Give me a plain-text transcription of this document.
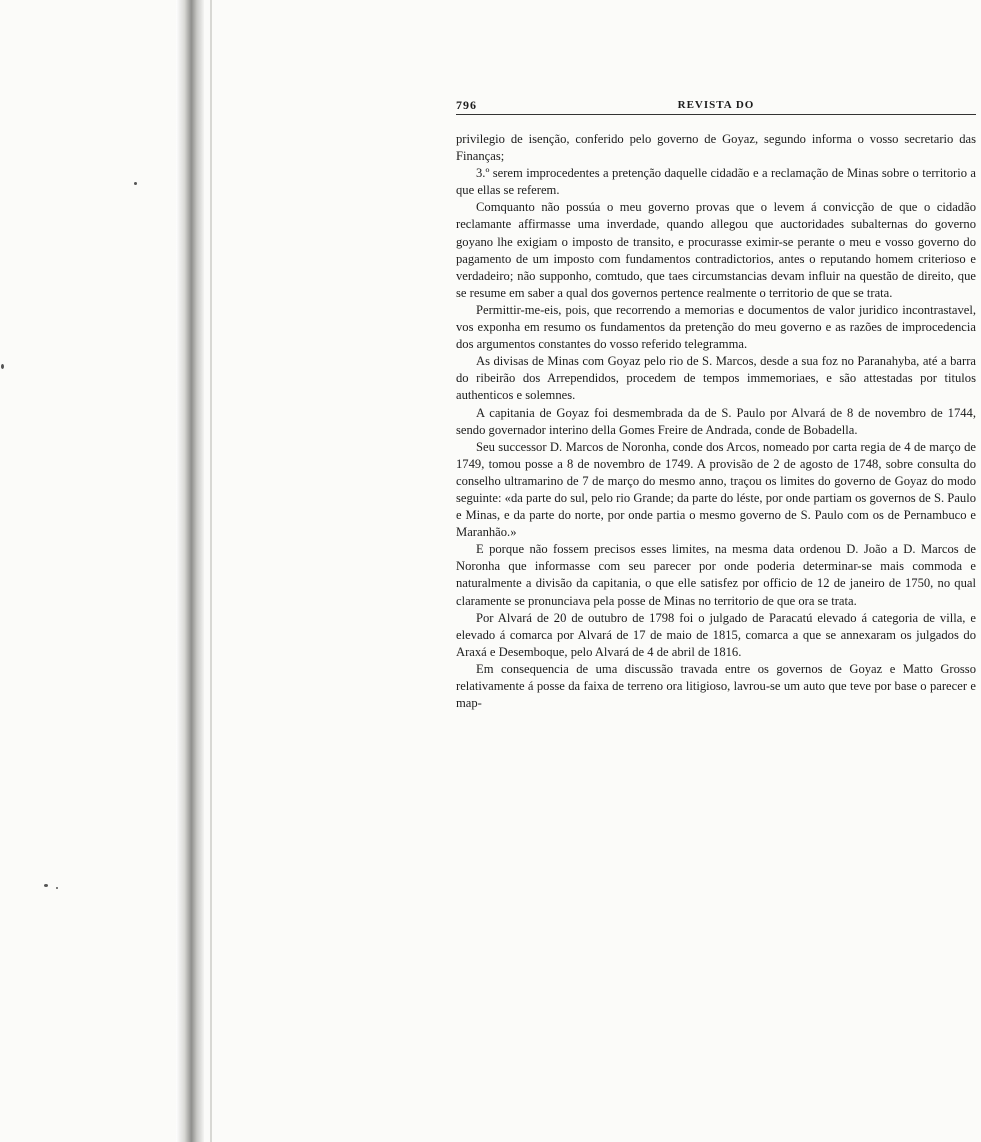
796	REVISTA DO

privilegio de isenção, conferido pelo governo de Goyaz, segundo informa o vosso secretario das Finanças;

3.º serem improcedentes a pretenção daquelle cidadão e a reclamação de Minas sobre o territorio a que ellas se referem.

Comquanto não possúa o meu governo provas que o levem á convicção de que o cidadão reclamante affirmasse uma inverdade, quando allegou que auctoridades subalternas do governo goyano lhe exigiam o imposto de transito, e procurasse eximir-se perante o meu e vosso governo do pagamento de um imposto com fundamentos contradictorios, antes o reputando homem criterioso e verdadeiro; não supponho, comtudo, que taes circumstancias devam influir na questão de direito, que se resume em saber a qual dos governos pertence realmente o territorio de que se trata.

Permittir-me-eis, pois, que recorrendo a memorias e documentos de valor juridico incontrastavel, vos exponha em resumo os fundamentos da pretenção do meu governo e as razões de improcedencia dos argumentos constantes do vosso referido telegramma.

As divisas de Minas com Goyaz pelo rio de S. Marcos, desde a sua foz no Paranahyba, até a barra do ribeirão dos Arrependidos, procedem de tempos immemoriaes, e são attestadas por titulos authenticos e solemnes.

A capitania de Goyaz foi desmembrada da de S. Paulo por Alvará de 8 de novembro de 1744, sendo governador interino della Gomes Freire de Andrada, conde de Bobadella.

Seu successor D. Marcos de Noronha, conde dos Arcos, nomeado por carta regia de 4 de março de 1749, tomou posse a 8 de novembro de 1749. A provisão de 2 de agosto de 1748, sobre consulta do conselho ultramarino de 7 de março do mesmo anno, traçou os limites do governo de Goyaz do modo seguinte: «da parte do sul, pelo rio Grande; da parte do léste, por onde partiam os governos de S. Paulo e Minas, e da parte do norte, por onde partia o mesmo governo de S. Paulo com os de Pernambuco e Maranhão.»

E porque não fossem precisos esses limites, na mesma data ordenou D. João a D. Marcos de Noronha que informasse com seu parecer por onde poderia determinar-se mais commoda e naturalmente a divisão da capitania, o que elle satisfez por officio de 12 de janeiro de 1750, no qual claramente se pronunciava pela posse de Minas no territorio de que ora se trata.

Por Alvará de 20 de outubro de 1798 foi o julgado de Paracatú elevado á categoria de villa, e elevado á comarca por Alvará de 17 de maio de 1815, comarca a que se annexaram os julgados do Araxá e Desemboque, pelo Alvará de 4 de abril de 1816.

Em consequencia de uma discussão travada entre os governos de Goyaz e Matto Grosso relativamente á posse da faixa de terreno ora litigioso, lavrou-se um auto que teve por base o parecer e map-
